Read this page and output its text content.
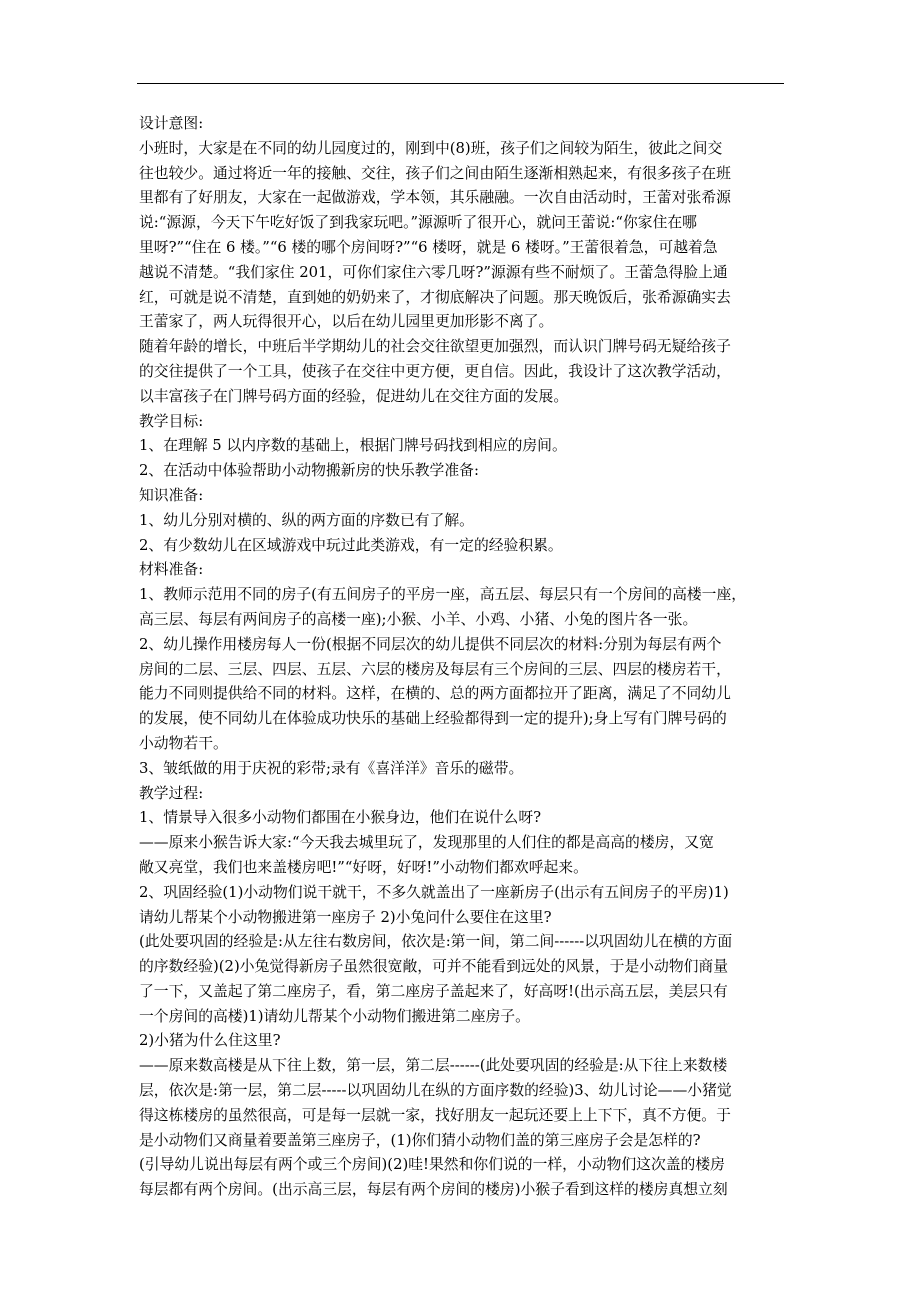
设计意图:
小班时，大家是在不同的幼儿园度过的，刚到中(8)班，孩子们之间较为陌生，彼此之间交
往也较少。通过将近一年的接触、交往，孩子们之间由陌生逐渐相熟起来，有很多孩子在班
里都有了好朋友，大家在一起做游戏，学本领，其乐融融。一次自由活动时，王蕾对张希源
说:“源源，今天下午吃好饭了到我家玩吧。”源源听了很开心，就问王蕾说:“你家住在哪
里呀?”“住在 6 楼。”“6 楼的哪个房间呀?”“6 楼呀，就是 6 楼呀。”王蕾很着急，可越着急
越说不清楚。“我们家住 201，可你们家住六零几呀?”源源有些不耐烦了。王蕾急得脸上通
红，可就是说不清楚，直到她的奶奶来了，才彻底解决了问题。那天晚饭后，张希源确实去
王蕾家了，两人玩得很开心，以后在幼儿园里更加形影不离了。
随着年龄的增长，中班后半学期幼儿的社会交往欲望更加强烈，而认识门牌号码无疑给孩子
的交往提供了一个工具，使孩子在交往中更方便，更自信。因此，我设计了这次教学活动，
以丰富孩子在门牌号码方面的经验，促进幼儿在交往方面的发展。
教学目标:
1、在理解 5 以内序数的基础上，根据门牌号码找到相应的房间。
2、在活动中体验帮助小动物搬新房的快乐教学准备:
知识准备:
1、幼儿分别对横的、纵的两方面的序数已有了解。
2、有少数幼儿在区域游戏中玩过此类游戏，有一定的经验积累。
材料准备:
1、教师示范用不同的房子(有五间房子的平房一座，高五层、每层只有一个房间的高楼一座，
高三层、每层有两间房子的高楼一座);小猴、小羊、小鸡、小猪、小兔的图片各一张。
2、幼儿操作用楼房每人一份(根据不同层次的幼儿提供不同层次的材料:分别为每层有两个
房间的二层、三层、四层、五层、六层的楼房及每层有三个房间的三层、四层的楼房若干，
能力不同则提供给不同的材料。这样，在横的、总的两方面都拉开了距离，满足了不同幼儿
的发展，使不同幼儿在体验成功快乐的基础上经验都得到一定的提升);身上写有门牌号码的
小动物若干。
3、皱纸做的用于庆祝的彩带;录有《喜洋洋》音乐的磁带。
教学过程:
1、情景导入很多小动物们都围在小猴身边，他们在说什么呀?
——原来小猴告诉大家:“今天我去城里玩了，发现那里的人们住的都是高高的楼房，又宽
敞又亮堂，我们也来盖楼房吧!”“好呀，好呀!”小动物们都欢呼起来。
2、巩固经验(1)小动物们说干就干，不多久就盖出了一座新房子(出示有五间房子的平房)1)
请幼儿帮某个小动物搬进第一座房子 2)小兔问什么要住在这里?
(此处要巩固的经验是:从左往右数房间，依次是:第一间，第二间------以巩固幼儿在横的方面
的序数经验)(2)小兔觉得新房子虽然很宽敞，可并不能看到远处的风景，于是小动物们商量
了一下，又盖起了第二座房子，看，第二座房子盖起来了，好高呀!(出示高五层，美层只有
一个房间的高楼)1)请幼儿帮某个小动物们搬进第二座房子。
2)小猪为什么住这里?
——原来数高楼是从下往上数，第一层，第二层------(此处要巩固的经验是:从下往上来数楼
层，依次是:第一层，第二层-----以巩固幼儿在纵的方面序数的经验)3、幼儿讨论——小猪觉
得这栋楼房的虽然很高，可是每一层就一家，找好朋友一起玩还要上上下下，真不方便。于
是小动物们又商量着要盖第三座房子，(1)你们猜小动物们盖的第三座房子会是怎样的?
(引导幼儿说出每层有两个或三个房间)(2)哇!果然和你们说的一样，小动物们这次盖的楼房
每层都有两个房间。(出示高三层，每层有两个房间的楼房)小猴子看到这样的楼房真想立刻
